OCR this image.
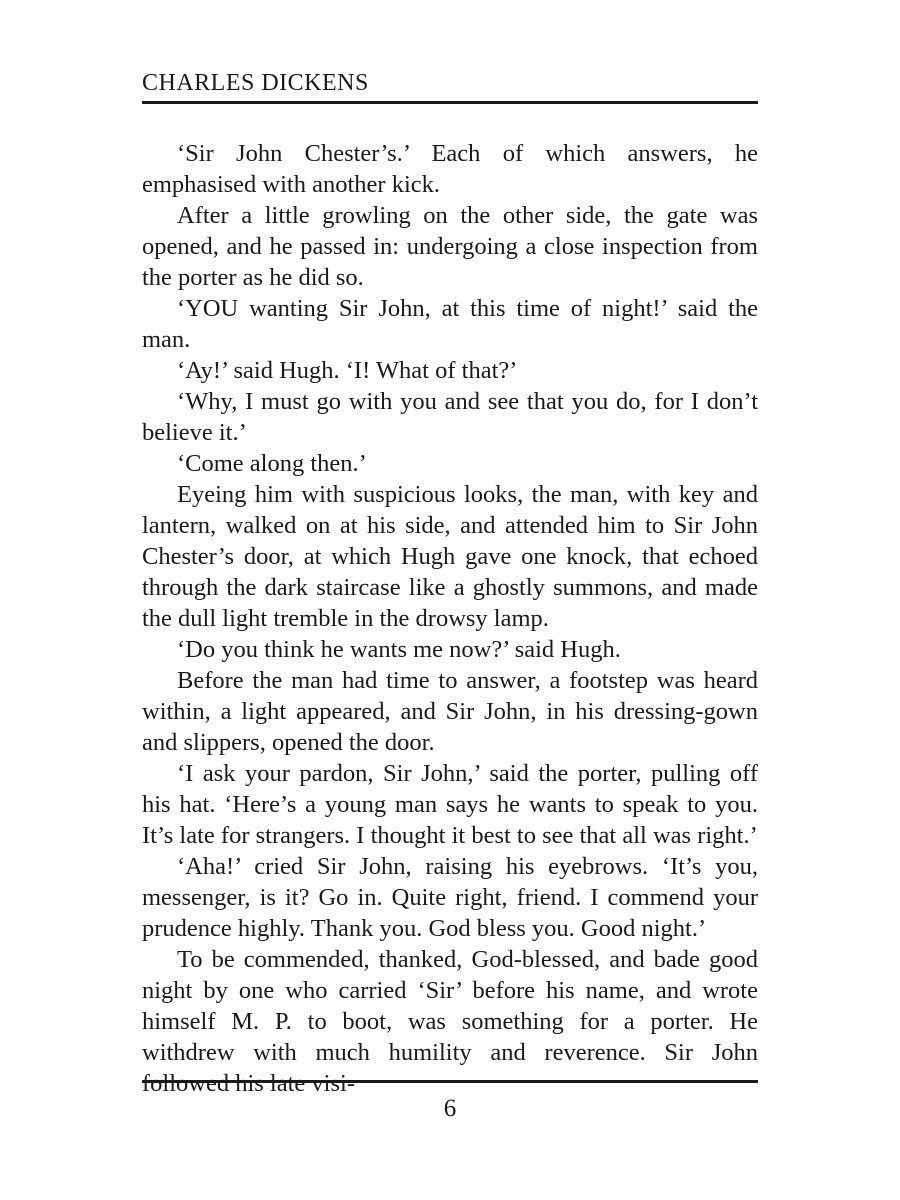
CHARLES DICKENS

‘Sir John Chester’s.’ Each of which answers, he emphasised with another kick.

After a little growling on the other side, the gate was opened, and he passed in: undergoing a close inspection from the porter as he did so.

‘YOU wanting Sir John, at this time of night!’ said the man.

‘Ay!’ said Hugh. ‘I! What of that?’

‘Why, I must go with you and see that you do, for I don’t believe it.’

‘Come along then.’

Eyeing him with suspicious looks, the man, with key and lantern, walked on at his side, and attended him to Sir John Chester’s door, at which Hugh gave one knock, that echoed through the dark staircase like a ghostly summons, and made the dull light tremble in the drowsy lamp.

‘Do you think he wants me now?’ said Hugh.

Before the man had time to answer, a footstep was heard within, a light appeared, and Sir John, in his dressing-gown and slippers, opened the door.

‘I ask your pardon, Sir John,’ said the porter, pulling off his hat. ‘Here’s a young man says he wants to speak to you. It’s late for strangers. I thought it best to see that all was right.’

‘Aha!’ cried Sir John, raising his eyebrows. ‘It’s you, messenger, is it? Go in. Quite right, friend. I commend your prudence highly. Thank you. God bless you. Good night.’

To be commended, thanked, God-blessed, and bade good night by one who carried ‘Sir’ before his name, and wrote himself M. P. to boot, was something for a porter. He withdrew with much humility and reverence. Sir John followed his late visi-

6
